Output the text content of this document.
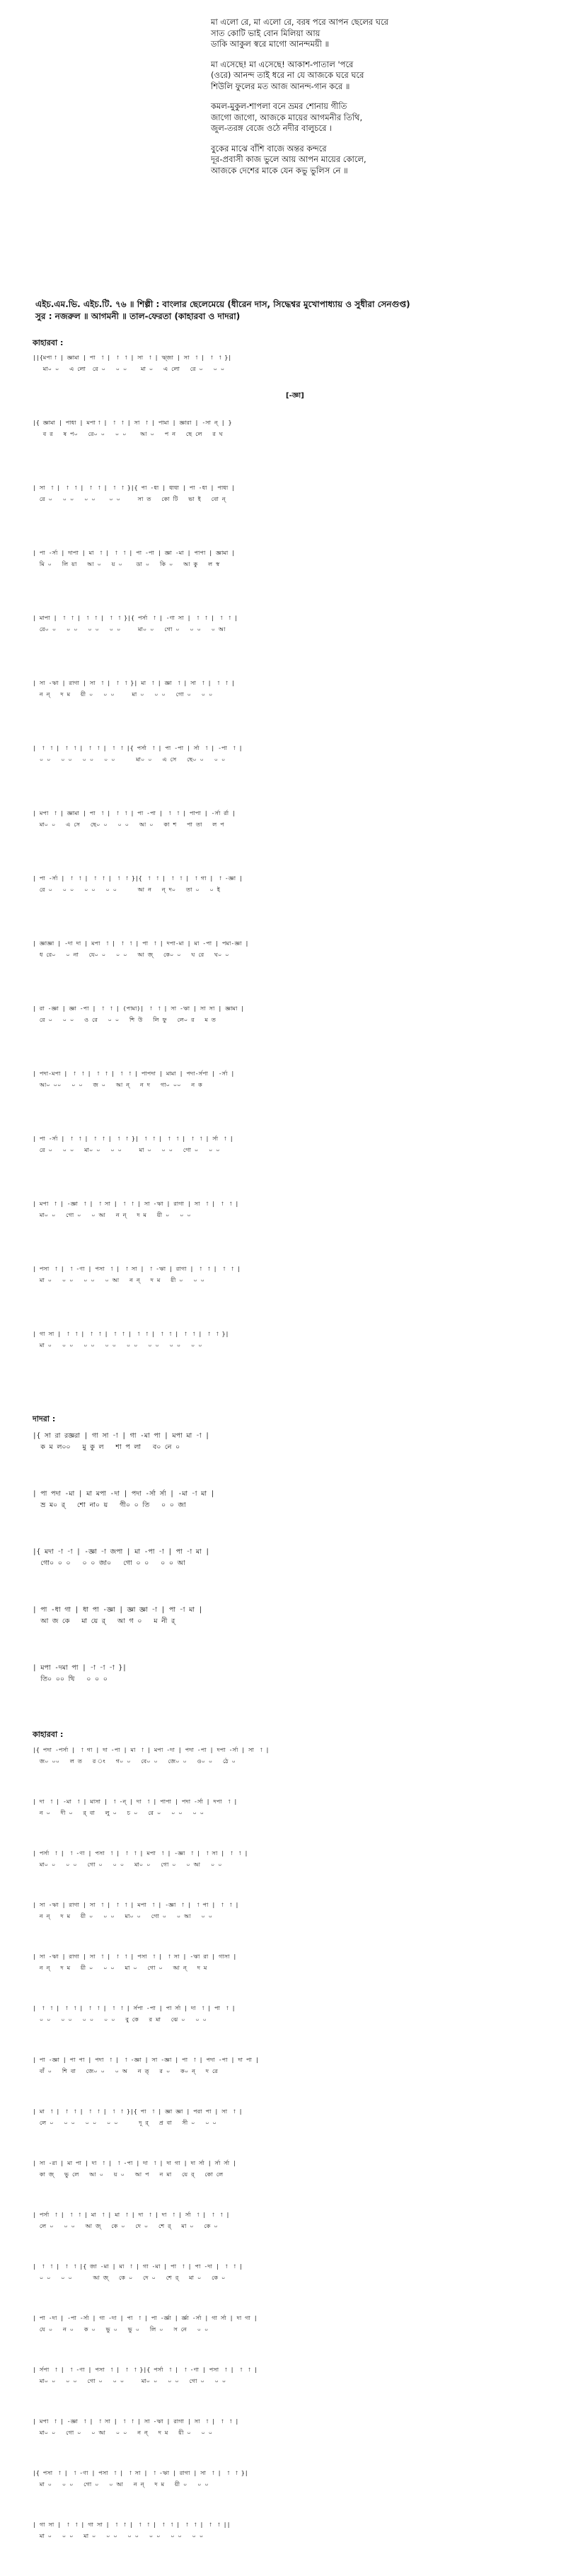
মা এলো রে, মা এলো রে, বরষ পরে আপন ছেলের ঘরে
সাত কোটি ভাই বোন মিলিয়া আয়
ডাকি আকুল স্বরে মাগো আনন্দময়ী ॥
মা এসেছে! মা এসেছে! আকাশ-পাতাল 'পরে
(ওরে) আনন্দ তাই ধরে না যে আজকে ঘরে ঘরে
শিউলি ফুলের মত আজ আনন্দ-গান করে ॥
কমল-মুকুল-শাপলা বনে ভ্রমর শোনায় গীতি
জাগো জাগো, আজকে মায়ের আগমনীর তিথি,
জুল-তরঙ্গ বেজে ওঠে নদীর বালুচরে ।
বুকের মাঝে বাঁশি বাজে অন্তর কন্দরে
দূর-প্রবাসী কাজ ভুলে আয় আপন মায়ের কোলে,
আজকে দেশের মাকে যেন কভু ভুলিস নে ॥
এইচ.এম.ভি. এইচ.টি. ৭৬ ॥ শিল্পী : বাংলার ছেলেমেয়ে (ধীরেন দাস, সিদ্ধেশ্বর মুখোপাধ্যায় ও সুধীরা সেনগুপ্ত)
সুর : নজরুল ॥ আগমনী ॥ তাল-ফেরতা (কাহারবা ও দাদরা)
কাহারবা :
[-জ্ঞা]
||{মপা-া | জ্ঞামা | পা -া | -া -া | সা -া | ঋ্জা | সা -া | -া -া }|
মা০ ০   এ লো  রে ০   ০ ০    মা ০   এ লো   রে ০   ০ ০
|{ জ্ঞামা | পাধা | মপা-া | -া -া | সা -া | পামা | জ্ঞারা | -সা ন্ | }
ব র   ষ প০   রে০ ০   ০ ০    আ ০   প ন   ছে লে   র ঘ
| সা -া | -া -া | -া -া | -া -া }|{ পা -ধা | ধাধা | পা -ধা | পাধা |
রে ০   ০ ০   ০ ০    ০ ০     সা ত   কো টি   ভা ই   বো ন্
| পা -র্সা | দাপা | মা -া | -া -া | পা -পা | জ্ঞা -মা | পাপা | জ্ঞামা |
মি ০   লি য়া   আ ০   য় ০    ডা ০   কি ০   আ কু   ল স্ব
| মাপা | -া -া | -া -া | -া -া }|{ পর্সা -া | -ণা সা | -া -া | -া -া |
রে০ ০   ০ ০   ০ ০   ০ ০     মা০ ০   গো ০   ০ ০   ০ আ
| সা -ঋা | রাগা | সা -া | -া -া }| মা -া | জ্ঞা -া | সা -া | -া -া |
ন ন্   দ ম   য়ী ০   ০ ০     মা ০   ০ ০   গো ০   ০ ০
| -া -া | -া -া | -া -া | -া -া |{ পর্সা -া | পা -পা | র্সা -া | -পা -া |
০ ০   ০ ০   ০ ০   ০ ০      মা০ ০   এ সে   ছে০ ০   ০ ০
| মপা -া | জ্ঞামা | পা -া | -া -া | পা -পা | -া -া | পাপা | -র্সা র্রা |
মা০ ০   এ সে   ছে০ ০   ০ ০   আ ০   কা শ   পা তা   ল প
| পা -র্সা | -া -া | -া -া | -া -া }|{ -া -া | -া -া | -া গা | -া -জ্ঞা |
রে ০   ০ ০   ০ ০   ০ ০      আ ন   ন্ দ০   তা ০   ০ ই
| জ্ঞাজ্ঞা | -দা দা | মপা -া | -া -া | পা -া | দপা-মা | মা -পা | পমা-জ্ঞা |
ধ রে০   ০ না   যে০ ০   ০ ০   আ জ্   কে০ ০   ঘ রে   ঘ০ ০
| রা -জ্ঞা | জ্ঞা -পা | -া -া | (পামা)| -া -া | সা -ঋা | সা সা | জ্ঞামা |
রে ০   ০ ০   ও রে   ০ ০   শি উ   লি ফু   লে০ র   ম ত
| পদা-মপা | -া -া | -া -া | -া -া | পাপদা | মামা | পদা-র্সপা | -র্সা |
আ০ ০০   ০ ০   জ ০   আ ন্   ন দ   গা০ ০০   ন ক
| পা -র্সা | -া -া | -া -া | -া -া }| -া -া | -া -া | -া -া | র্সা -া |
রে ০   ০ ০   মা০ ০   ০ ০     মা ০   ০ ০   গো ০   ০ ০
| মপা -া | -জ্ঞা -া | -া সা | -া -া | সা -ঋা | রাগা | সা -া | -া -া |
মা০ ০   গো ০   ০ আ   ন ন্   দ ম   য়ী ০   ০ ০
| পসা -া | -া -ণা | পসা -া | -া সা | -া -ঋা | রাগা | -া -া | -া -া |
মা ০   ০ ০   ০ ০   ০ আ   ন ন্   দ ম   য়ী ০   ০ ০
| গা সা | -া -া | -া -া | -া -া | -া -া | -া -া | -া -া | -া -া }|
মা ০   ০ ০   ০ ০   ০ ০   ০ ০   ০ ০   ০ ০   ০ ০
দাদরা :
|{ সা রা রজ্ঞরা | গা সা -া | গা -মা পা | মপা মা -া |
ক ম ল০০   মু কু ল   শা প লা   ব০ নে ০
| পা পদা -মা | মা মপা -দা | পদা -র্সা র্সা | -মা -া মা |
ভ্র ম০ র্   শো না০ য়   গী০ ০ তি   ০ ০ জা
|{ মদা -া -া | -জ্ঞা -া জপা | মা -পা -া | পা -া মা |
গো০ ০ ০   ০ ০ জা০   গো ০ ০   ০ ০ আ
| পা -ধা গা | ধা পা -জ্ঞা | জ্ঞা জ্ঞা -া | পা -া মা |
আ জ কে   মা য়ে র্   আ গ ০   ম নী র্
| মপা -দমা পা | -া -া -া }|
তি০ ০০ থি   ০ ০ ০
কাহারবা :
|{ পদা -পর্সা | -া গা | দা -পা | মা -া | মপা -দা | পদা -পা | দপা -র্সা | সা -া |
জ০ ০০   ল ত   র ং   গ০ ০   বে০ ০   জে০ ০   ও০ ০   ঠে ০
| দা -া | -মা -া | মাসা | -া -ন্ | দা -া | পাপা | পদা -র্সা | দপা -া |
ন ০   দী ০   র্ বা   লু ০   চ ০   রে ০   ০ ০   ০ ০
| পর্সা -া | -া -ণা | পসা -া | -া -া | মপা -া | -জ্ঞা -া | -া সা | -া -া |
মা০ ০   ০ ০   গো ০   ০ ০   মা০ ০   গো ০   ০ আ   ০ ০
| সা -ঋা | রাগা | সা -া | -া -া | মপা -া | -জ্ঞা -া | -া পা | -া -া |
ন ন্   দ ম   য়ী ০   ০ ০   মা০ ০   গো ০   ০ আ   ০ ০
| সা -ঋা | রাগা | সা -া | -া -া | পসা -া | -া সা | -ঋা রা | গাসা |
ন ন্   দ ম   য়ী ০   ০ ০   মা ০   গো ০   আ ন্   দ ম
| -া -া | -া -া | -া -া | -া -া | র্সপা -পা | পা র্সা | দা -া | পা -া |
০ ০   ০ ০   ০ ০   ০ ০   বু কে   র মা   ঝে ০   ০ ০
| পা -জ্ঞা | পা পা | পদা -া | -া -জ্ঞা | সা -জ্ঞা | পা -া | পদা -পা | দা পা |
বাঁ ০   শি বা   জে০ ০   ০ অ   ন ত্   র ০   ক০ ন্   দ রে
| মা -া | -া -া | -া -া | -া -া }|{ পা -া | জ্ঞা জ্ঞা | পরা পা | সা -া |
লে ০   ০ ০   ০ ০   ০ ০      দূ র্   প্র বা   সী ০   ০ ০
| সা -রা | মা পা | দা -া | -া -পা | দা -া | দা গা | দা র্সা | র্সা র্সা |
কা জ্   ভু লে   আ ০   য় ০   আ প   ন মা   য়ে র্   কো লে
| পর্সা -া | -া -া | মা -া | মা -া | দা -া | দা -া | র্সা -া | -া -া |
লে ০   ০ ০   আ জ্   কে ০   দে ০   শে র্   মা ০   কে ০
| -া -া | -া -া |{ জা -মা | মা -া | গা -মা | পা -া | পা -দা | -া -া |
০ ০   ০ ০      আ জ্   কে ০   দে ০   শে র্   মা ০   কে ০
| পা -দা | -পা -র্সা | গা -দা | পা -া | পা -র্জ্ঞা | র্জ্ঞা -র্সা | গা র্সা | দা গা |
যে ০   ন ০   ক ০   ভু ০   ভু ০   লি ০   স নে   ০ ০
| র্সপা -া | -া -ণা | পসা -া | -া -া }|{ পর্সা -া | -া -ণা | পসা -া | -া -া |
মা০ ০   ০ ০   গো ০   ০ ০     মা০ ০   ০ ০   গো ০   ০ ০
| মপা -া | -জ্ঞা -া | -া সা | -া -া | সা -ঋা | রাগা | সা -া | -া -া |
মা০ ০   গো ০   ০ আ   ০ ০   ন ন্   দ ম   য়ী ০   ০ ০
|{ পসা -া | -া -ণা | পসা -া | -া সা | -া -ঋা | রাগা | সা -া | -া -া }|
মা ০   ০ ০   গো ০   ০ আ   ন ন্   দ ম   য়ী ০   ০ ০
| গা সা | -া -া | গা সা | -া -া | -া -া | -া -া | -া -া | -া -া ||
মা ০   ০ ০   মা ০   ০ ০   ০ ০   ০ ০   ০ ০   ০ ০
